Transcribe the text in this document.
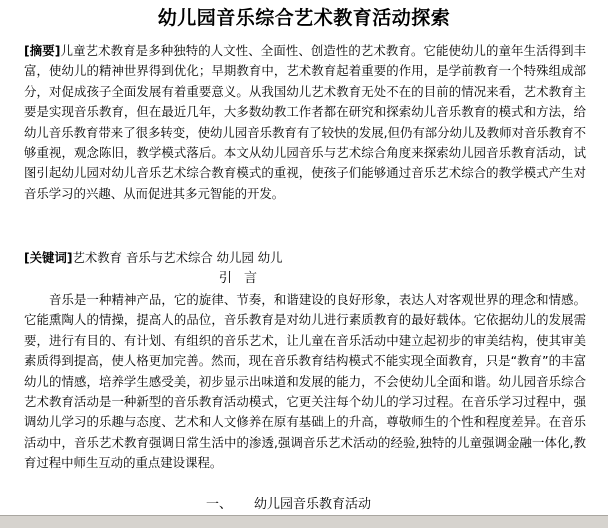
幼儿园音乐综合艺术教育活动探索

[摘要]儿童艺术教育是多种独特的人文性、全面性、创造性的艺术教育。它能使幼儿的童年生活得到丰富，使幼儿的精神世界得到优化；早期教育中，艺术教育起着重要的作用，是学前教育一个特殊组成部分，对促成孩子全面发展有着重要意义。从我国幼儿艺术教育无处不在的目前的情况来看，艺术教育主要是实现音乐教育，但在最近几年，大多数幼教工作者都在研究和探索幼儿音乐教育的模式和方法，给幼儿音乐教育带来了很多转变，使幼儿园音乐教育有了较快的发展,但仍有部分幼儿及教师对音乐教育不够重视，观念陈旧，教学模式落后。本文从幼儿园音乐与艺术综合角度来探索幼儿园音乐教育活动，试图引起幼儿园对幼儿音乐艺术综合教育模式的重视，使孩子们能够通过音乐艺术综合的教学模式产生对音乐学习的兴趣、从而促进其多元智能的开发。

[关键词]艺术教育 音乐与艺术综合 幼儿园 幼儿

引 言

音乐是一种精神产品，它的旋律、节奏，和谐建设的良好形象，表达人对客观世界的理念和情感。它能熏陶人的情操，提高人的品位，音乐教育是对幼儿进行素质教育的最好载体。它依据幼儿的发展需要，进行有目的、有计划、有组织的音乐艺术，让儿童在音乐活动中建立起初步的审美结构，使其审美素质得到提高，使人格更加完善。然而，现在音乐教育结构模式不能实现全面教育，只是“教育”的丰富幼儿的情感，培养学生感受美，初步显示出味道和发展的能力，不会使幼儿全面和谐。幼儿园音乐综合艺术教育活动是一种新型的音乐教育活动模式，它更关注每个幼儿的学习过程。在音乐学习过程中，强调幼儿学习的乐趣与态度、艺术和人文修养在原有基础上的升高，尊敬师生的个性和程度差异。在音乐活动中，音乐艺术教育强调日常生活中的渗透,强调音乐艺术活动的经验,独特的儿童强调金融一体化,教育过程中师生互动的重点建设课程。

一、 幼儿园音乐教育活动
